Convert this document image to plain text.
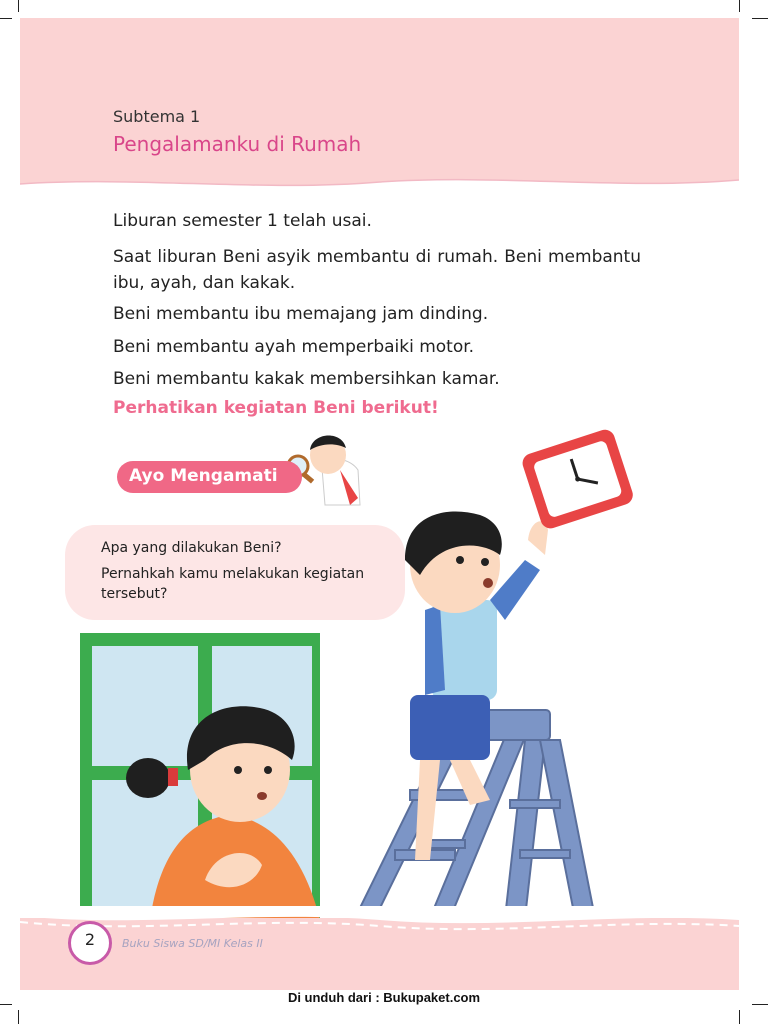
Subtema 1
Pengalamanku di Rumah
Liburan semester 1 telah usai.
Saat liburan Beni asyik membantu di rumah. Beni membantu ibu, ayah, dan kakak.
Beni membantu ibu memajang jam dinding.
Beni membantu ayah memperbaiki motor.
Beni membantu kakak membersihkan kamar.
Perhatikan kegiatan Beni berikut!
Ayo Mengamati
Apa yang dilakukan Beni?
Pernahkah kamu melakukan kegiatan
tersebut?
2	Buku Siswa SD/MI Kelas II
Di unduh dari : Bukupaket.com
